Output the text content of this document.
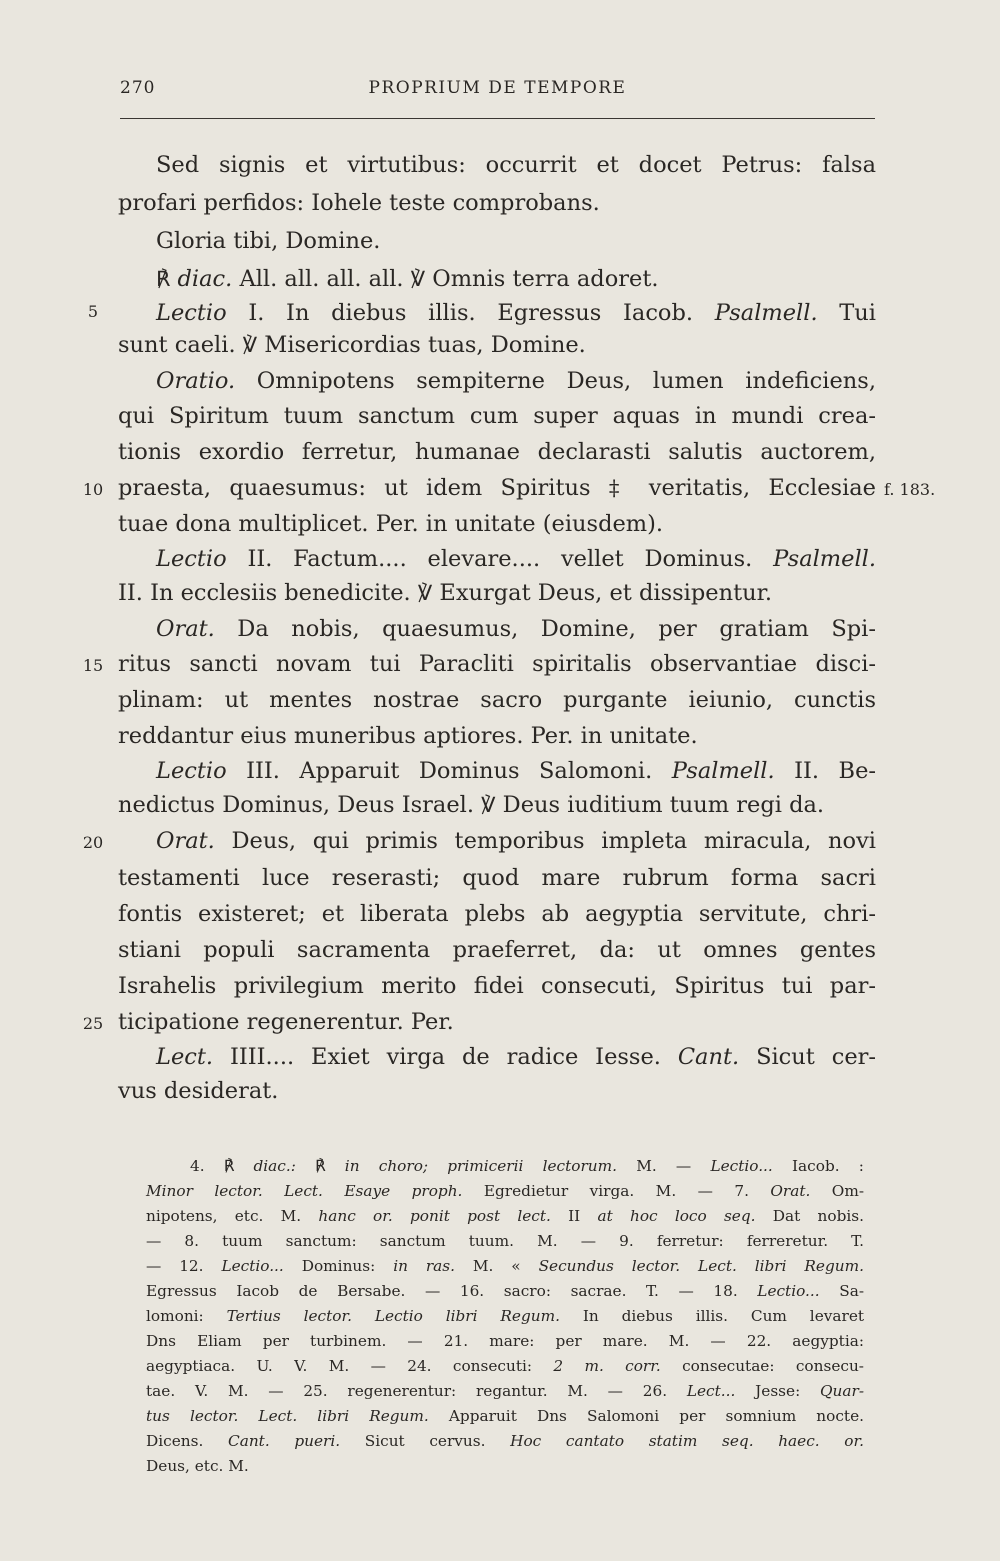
270	PROPRIUM DE TEMPORE
Sed signis et virtutibus: occurrit et docet Petrus: falsa
profari perfidos: Iohele teste comprobans.
Gloria tibi, Domine.
℟ diac. All. all. all. all. ℣ Omnis terra adoret.
Lectio I. In diebus illis. Egressus Iacob. Psalmell. Tui
sunt caeli. ℣ Misericordias tuas, Domine.
Oratio. Omnipotens sempiterne Deus, lumen indeficiens,
qui Spiritum tuum sanctum cum super aquas in mundi crea-
tionis exordio ferretur, humanae declarasti salutis auctorem,
praesta, quaesumus: ut idem Spiritus ‡ veritatis, Ecclesiae
tuae dona multiplicet. Per. in unitate (eiusdem).
Lectio II. Factum.... elevare.... vellet Dominus. Psalmell.
II. In ecclesiis benedicite. ℣ Exurgat Deus, et dissipentur.
Orat. Da nobis, quaesumus, Domine, per gratiam Spi-
ritus sancti novam tui Paracliti spiritalis observantiae disci-
plinam: ut mentes nostrae sacro purgante ieiunio, cunctis
reddantur eius muneribus aptiores. Per. in unitate.
Lectio III. Apparuit Dominus Salomoni. Psalmell. II. Be-
nedictus Dominus, Deus Israel. ℣ Deus iuditium tuum regi da.
Orat. Deus, qui primis temporibus impleta miracula, novi
testamenti luce reserasti; quod mare rubrum forma sacri
fontis existeret; et liberata plebs ab aegyptia servitute, chri-
stiani populi sacramenta praeferret, da: ut omnes gentes
Israhelis privilegium merito fidei consecuti, Spiritus tui par-
ticipatione regenerentur. Per.
Lect. IIII.... Exiet virga de radice Iesse. Cant. Sicut cer-
vus desiderat.
5
10
15
20
25
f. 183.
4. ℟ diac.: ℟ in choro; primicerii lectorum. M. — Lectio... Iacob. :
Minor lector. Lect. Esaye proph. Egredietur virga. M. — 7. Orat. Om-
nipotens, etc. M. hanc or. ponit post lect. II at hoc loco seq. Dat nobis.
— 8. tuum sanctum: sanctum tuum. M. — 9. ferretur: ferreretur. T.
— 12. Lectio... Dominus: in ras. M. « Secundus lector. Lect. libri Regum.
Egressus Iacob de Bersabe. — 16. sacro: sacrae. T. — 18. Lectio... Sa-
lomoni: Tertius lector. Lectio libri Regum. In diebus illis. Cum levaret
Dns Eliam per turbinem. — 21. mare: per mare. M. — 22. aegyptia:
aegyptiaca. U. V. M. — 24. consecuti: 2 m. corr. consecutae: consecu-
tae. V. M. — 25. regenerentur: regantur. M. — 26. Lect... Jesse: Quar-
tus lector. Lect. libri Regum. Apparuit Dns Salomoni per somnium nocte.
Dicens. Cant. pueri. Sicut cervus. Hoc cantato statim seq. haec. or.
Deus, etc. M.
